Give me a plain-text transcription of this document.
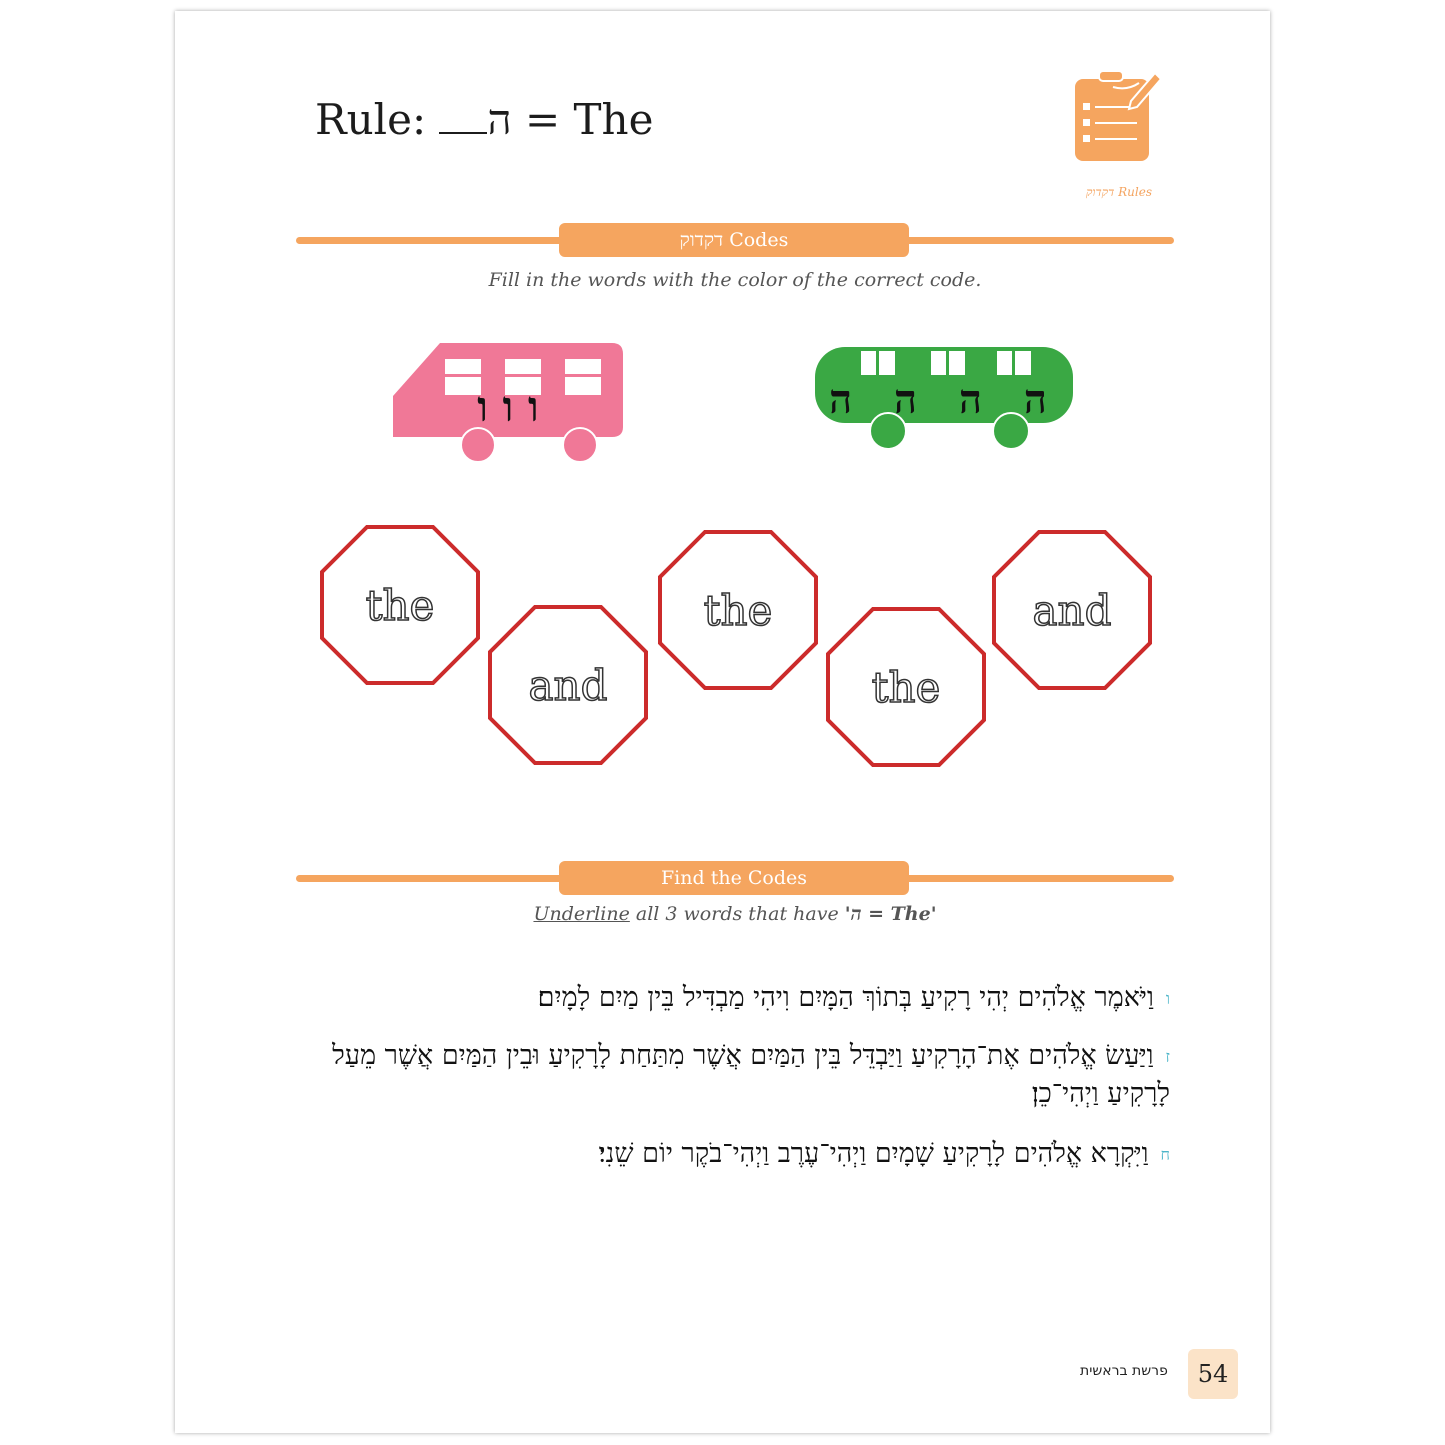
Rule: ה = The
דקדוק Rules
דקדוק Codes
Fill in the words with the color of the correct code.
ו ו ו	ה ה ה ה
the
and
the
the
and
Find the Codes
Underline all 3 words that have 'ה = The'
ווַיֹּאמֶר אֱלֹהִים יְהִי רָקִיעַ בְּתוֹךְ הַמָּיִם וִיהִי מַבְדִּיל בֵּין מַיִם לָמָיִם׃
זוַיַּעַשׂ אֱלֹהִים אֶת־הָרָקִיעַ וַיַּבְדֵּל בֵּין הַמַּיִם אֲשֶׁר מִתַּחַת לָרָקִיעַ וּבֵין הַמַּיִם אֲשֶׁר מֵעַל לָרָקִיעַ וַיְהִי־כֵן׃
חוַיִּקְרָא אֱלֹהִים לָרָקִיעַ שָׁמָיִם וַיְהִי־עֶרֶב וַיְהִי־בֹקֶר יוֹם שֵׁנִי׃
פרשת בראשית	54
